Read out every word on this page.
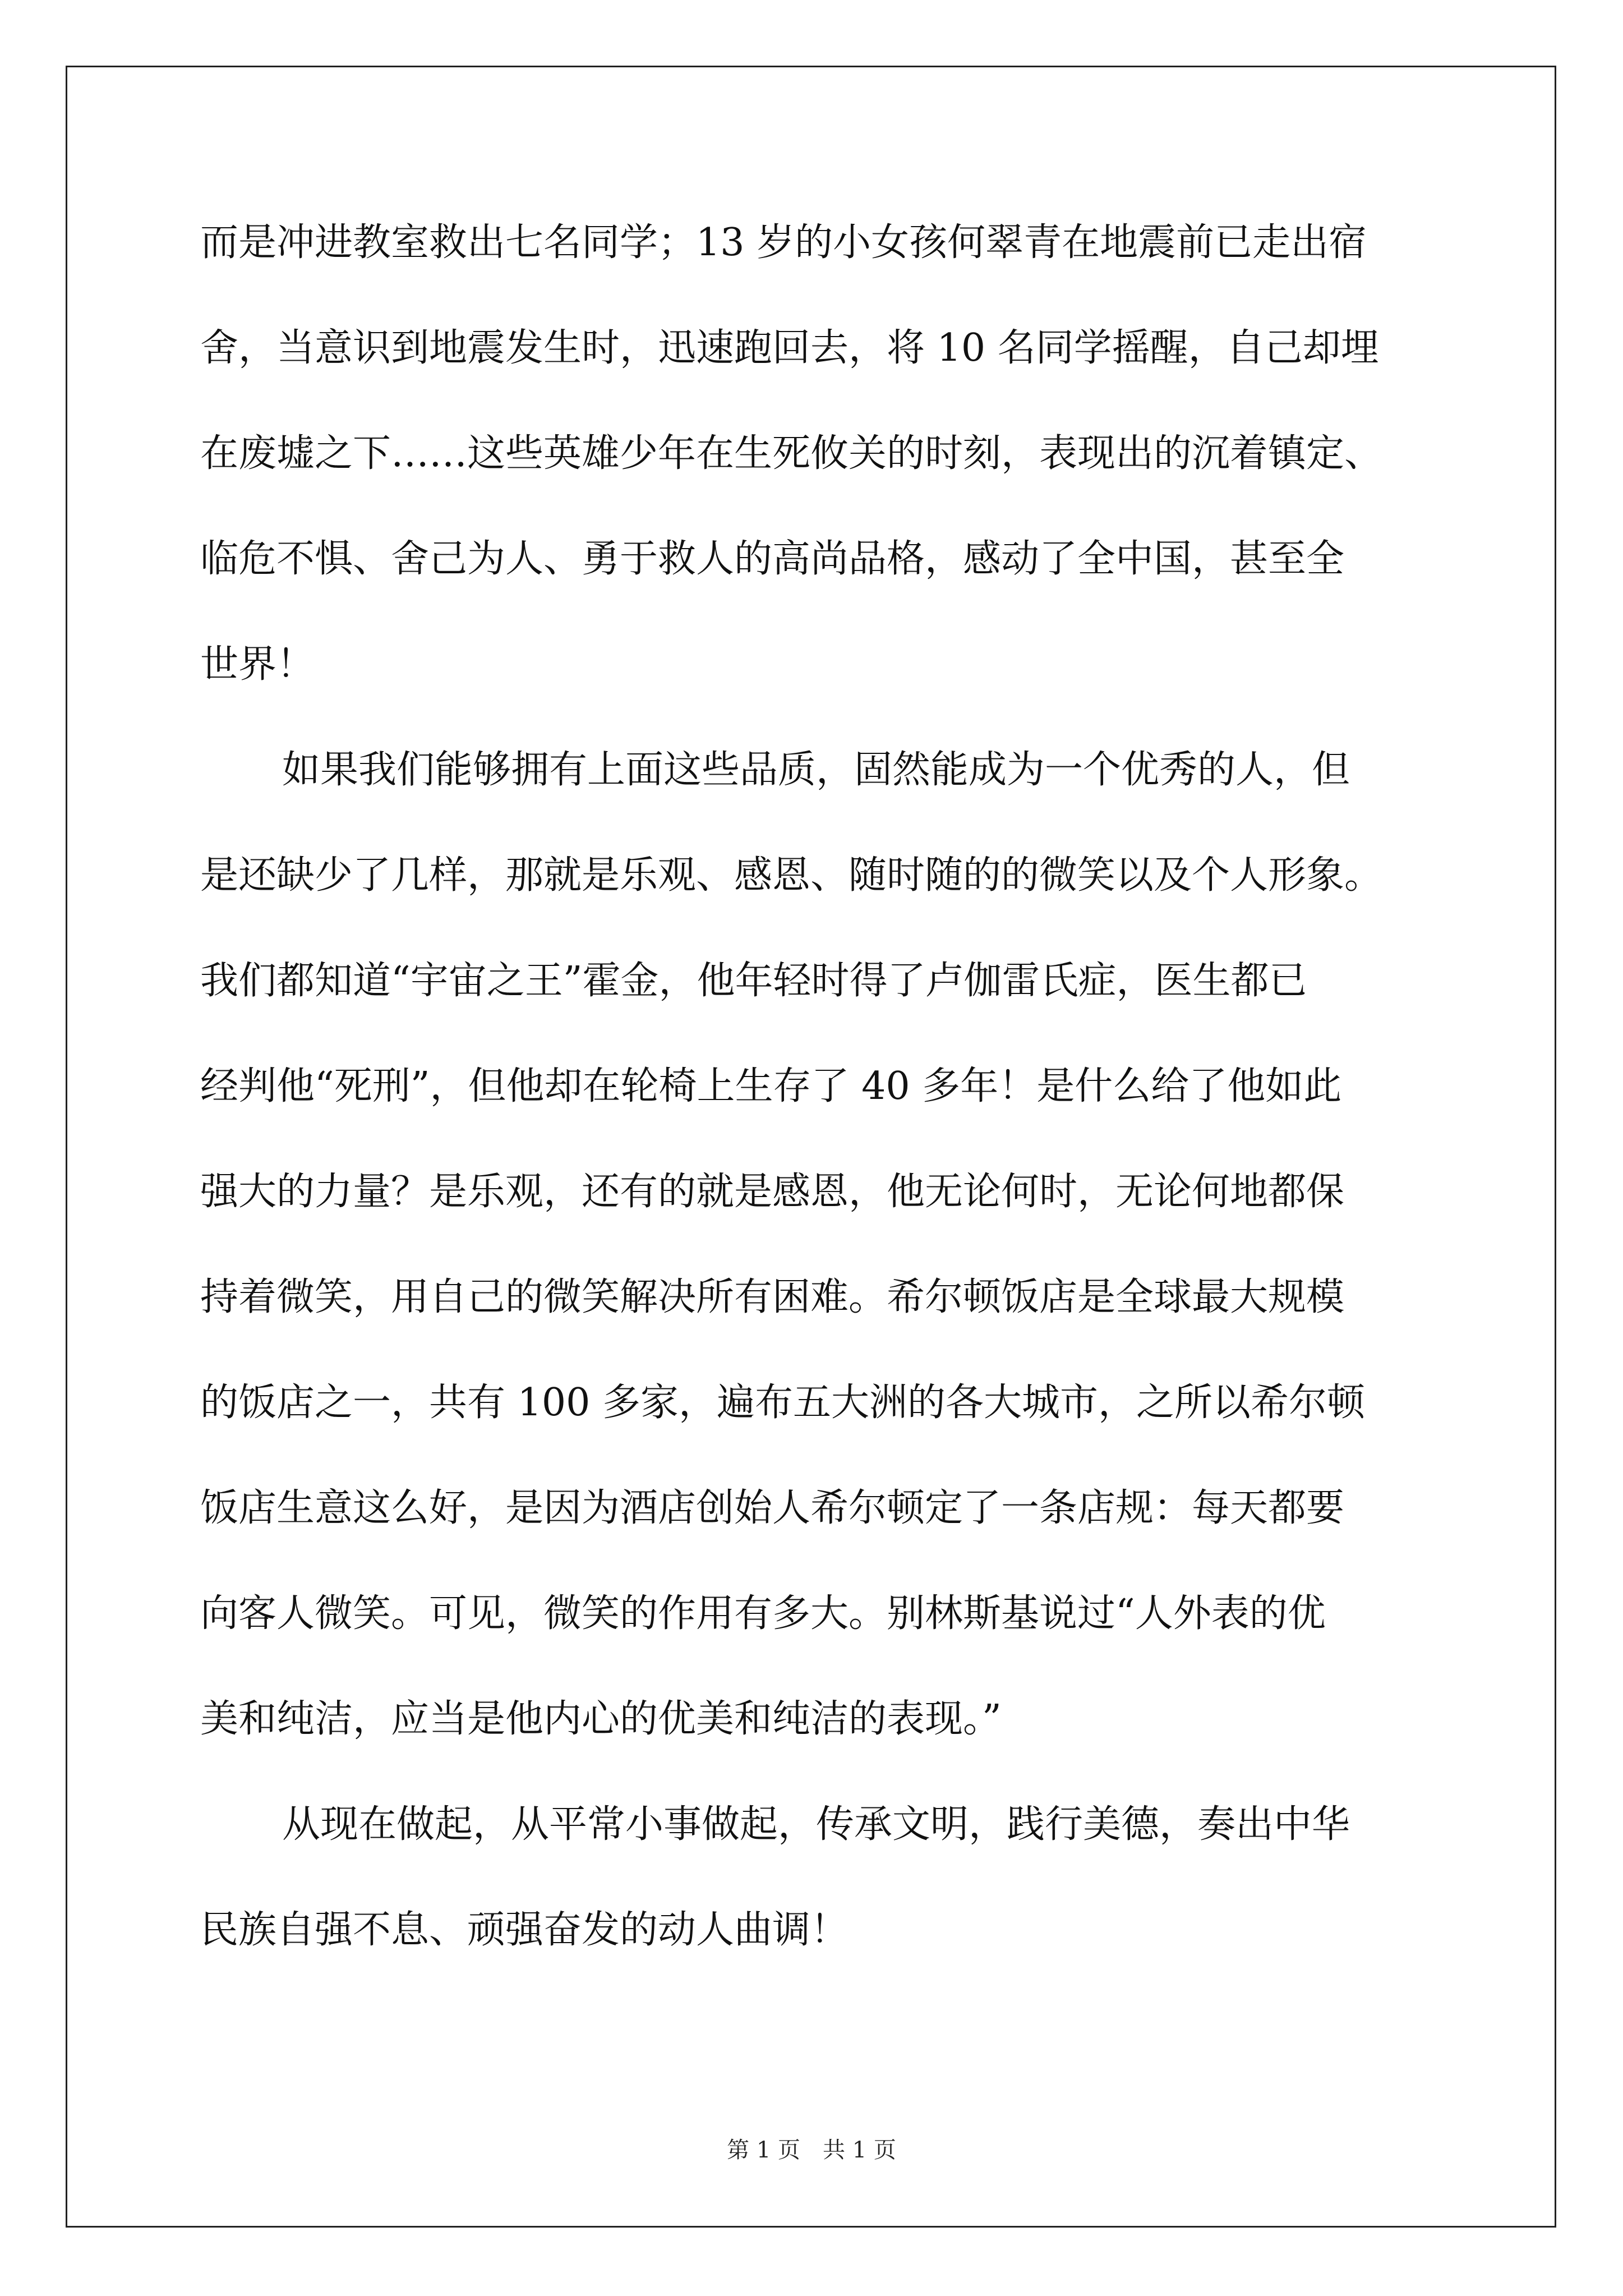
而是冲进教室救出七名同学；13 岁的小女孩何翠青在地震前已走出宿
舍，当意识到地震发生时，迅速跑回去，将 10 名同学摇醒，自己却埋
在废墟之下……这些英雄少年在生死攸关的时刻，表现出的沉着镇定、
临危不惧、舍己为人、勇于救人的高尚品格，感动了全中国，甚至全
世界！
如果我们能够拥有上面这些品质，固然能成为一个优秀的人，但
是还缺少了几样，那就是乐观、感恩、随时随的的微笑以及个人形象。
我们都知道“宇宙之王”霍金，他年轻时得了卢伽雷氏症，医生都已
经判他“死刑”，但他却在轮椅上生存了 40 多年！是什么给了他如此
强大的力量？是乐观，还有的就是感恩，他无论何时，无论何地都保
持着微笑，用自己的微笑解决所有困难。希尔顿饭店是全球最大规模
的饭店之一，共有 100 多家，遍布五大洲的各大城市，之所以希尔顿
饭店生意这么好，是因为酒店创始人希尔顿定了一条店规：每天都要
向客人微笑。可见，微笑的作用有多大。别林斯基说过“人外表的优
美和纯洁，应当是他内心的优美和纯洁的表现。”
从现在做起，从平常小事做起，传承文明，践行美德，奏出中华
民族自强不息、顽强奋发的动人曲调！
第 1 页　共 1 页
